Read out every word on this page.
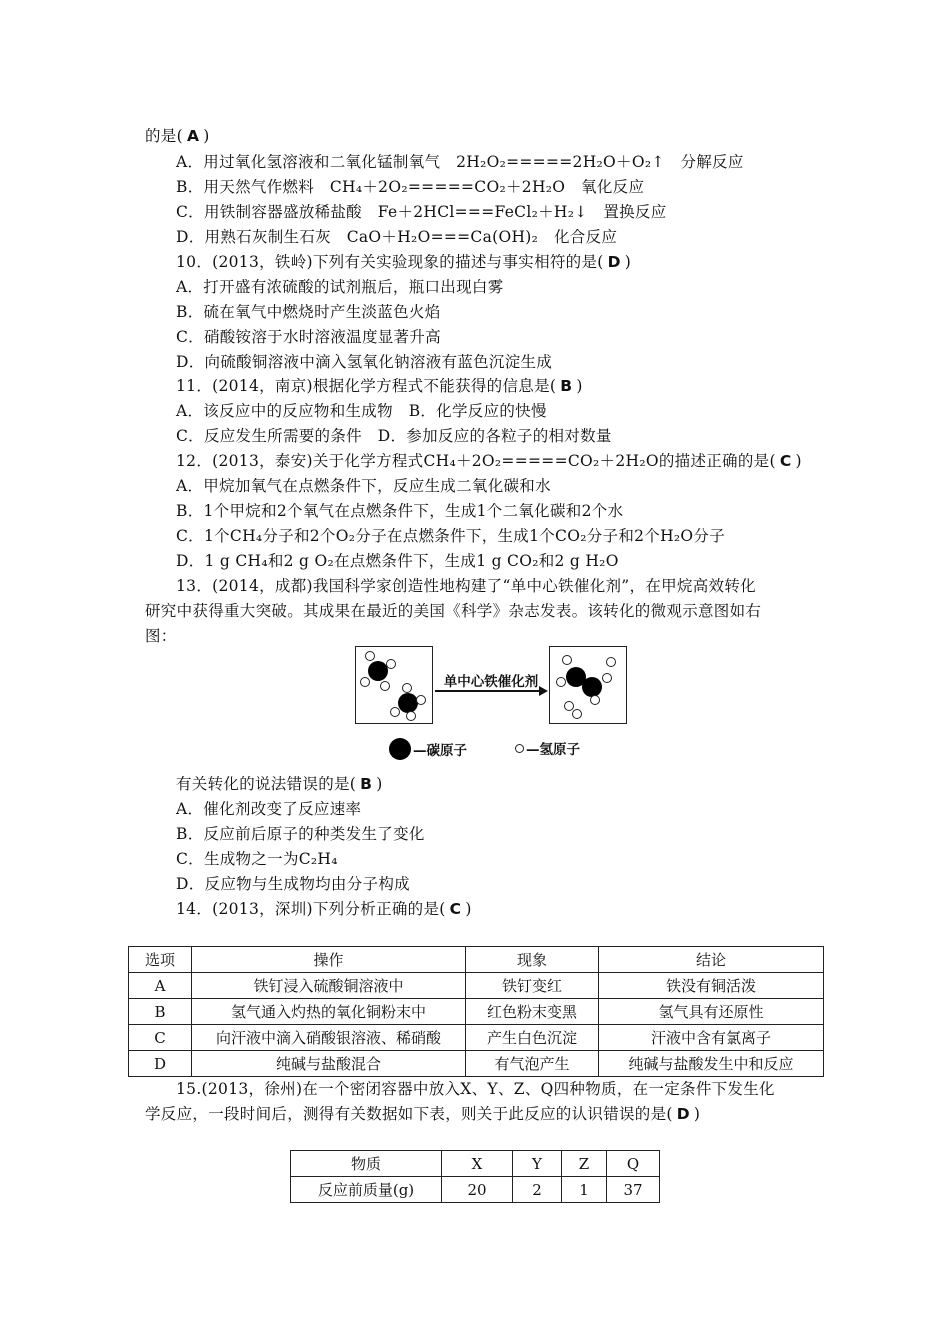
的是( A )
A．用过氧化氢溶液和二氧化锰制氧气　2H₂O₂=====2H₂O＋O₂↑　分解反应
B．用天然气作燃料　CH₄＋2O₂=====CO₂＋2H₂O　氧化反应
C．用铁制容器盛放稀盐酸　Fe＋2HCl===FeCl₂＋H₂↓　置换反应
D．用熟石灰制生石灰　CaO＋H₂O===Ca(OH)₂　化合反应
10．(2013，铁岭)下列有关实验现象的描述与事实相符的是( D )
A．打开盛有浓硫酸的试剂瓶后，瓶口出现白雾
B．硫在氧气中燃烧时产生淡蓝色火焰
C．硝酸铵溶于水时溶液温度显著升高
D．向硫酸铜溶液中滴入氢氧化钠溶液有蓝色沉淀生成
11．(2014，南京)根据化学方程式不能获得的信息是( B )
A．该反应中的反应物和生成物　B．化学反应的快慢
C．反应发生所需要的条件　D．参加反应的各粒子的相对数量
12．(2013，泰安)关于化学方程式CH₄＋2O₂=====CO₂＋2H₂O的描述正确的是( C )
A．甲烷加氧气在点燃条件下，反应生成二氧化碳和水
B．1个甲烷和2个氧气在点燃条件下，生成1个二氧化碳和2个水
C．1个CH₄分子和2个O₂分子在点燃条件下，生成1个CO₂分子和2个H₂O分子
D．1 g CH₄和2 g O₂在点燃条件下，生成1 g CO₂和2 g H₂O
13．(2014，成都)我国科学家创造性地构建了“单中心铁催化剂”，在甲烷高效转化
研究中获得重大突破。其成果在最近的美国《科学》杂志发表。该转化的微观示意图如右
图：
单中心铁催化剂
—碳原子	—氢原子
有关转化的说法错误的是( B )
A．催化剂改变了反应速率
B．反应前后原子的种类发生了变化
C．生成物之一为C₂H₄
D．反应物与生成物均由分子构成
14．(2013，深圳)下列分析正确的是( C )
选项	操作	现象	结论
A	铁钉浸入硫酸铜溶液中	铁钉变红	铁没有铜活泼
B	氢气通入灼热的氧化铜粉末中	红色粉末变黑	氢气具有还原性
C	向汗液中滴入硝酸银溶液、稀硝酸	产生白色沉淀	汗液中含有氯离子
D	纯碱与盐酸混合	有气泡产生	纯碱与盐酸发生中和反应
15.(2013，徐州)在一个密闭容器中放入X、Y、Z、Q四种物质，在一定条件下发生化
学反应，一段时间后，测得有关数据如下表，则关于此反应的认识错误的是( D )
物质	X	Y	Z	Q
反应前质量(g)	20	2	1	37
